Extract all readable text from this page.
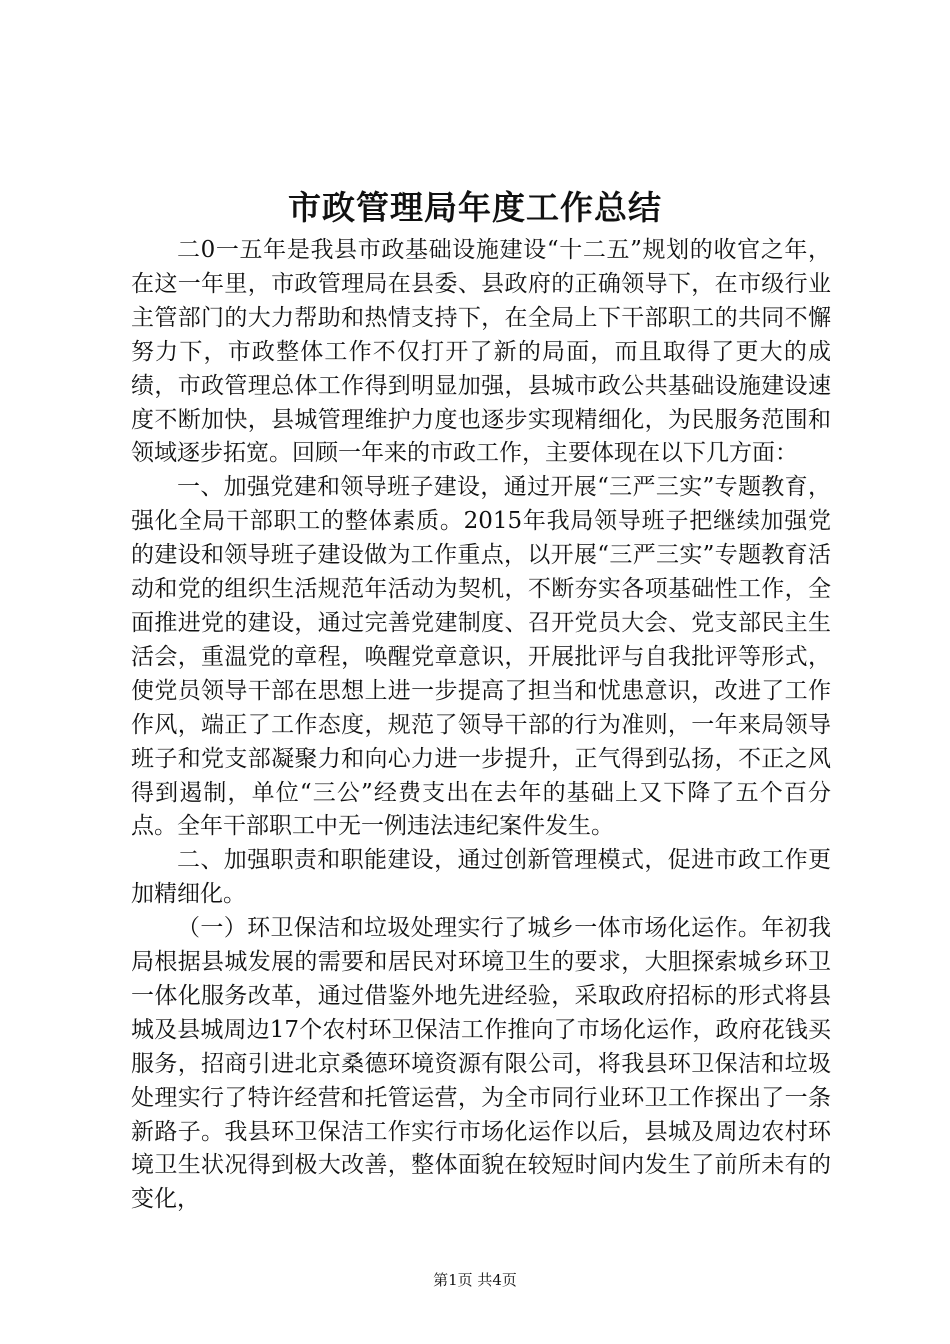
市政管理局年度工作总结

二0一五年是我县市政基础设施建设“十二五”规划的收官之年，在这一年里，市政管理局在县委、县政府的正确领导下，在市级行业主管部门的大力帮助和热情支持下，在全局上下干部职工的共同不懈努力下，市政整体工作不仅打开了新的局面，而且取得了更大的成绩，市政管理总体工作得到明显加强，县城市政公共基础设施建设速度不断加快，县城管理维护力度也逐步实现精细化，为民服务范围和领域逐步拓宽。回顾一年来的市政工作，主要体现在以下几方面：

一、加强党建和领导班子建设，通过开展“三严三实”专题教育，强化全局干部职工的整体素质。2015年我局领导班子把继续加强党的建设和领导班子建设做为工作重点，以开展“三严三实”专题教育活动和党的组织生活规范年活动为契机，不断夯实各项基础性工作，全面推进党的建设，通过完善党建制度、召开党员大会、党支部民主生活会，重温党的章程，唤醒党章意识，开展批评与自我批评等形式，使党员领导干部在思想上进一步提高了担当和忧患意识，改进了工作作风，端正了工作态度，规范了领导干部的行为准则，一年来局领导班子和党支部凝聚力和向心力进一步提升，正气得到弘扬，不正之风得到遏制，单位“三公”经费支出在去年的基础上又下降了五个百分点。全年干部职工中无一例违法违纪案件发生。

二、加强职责和职能建设，通过创新管理模式，促进市政工作更加精细化。

（一）环卫保洁和垃圾处理实行了城乡一体市场化运作。年初我局根据县城发展的需要和居民对环境卫生的要求，大胆探索城乡环卫一体化服务改革，通过借鉴外地先进经验，采取政府招标的形式将县城及县城周边17个农村环卫保洁工作推向了市场化运作，政府花钱买服务，招商引进北京桑德环境资源有限公司，将我县环卫保洁和垃圾处理实行了特许经营和托管运营，为全市同行业环卫工作探出了一条新路子。我县环卫保洁工作实行市场化运作以后，县城及周边农村环境卫生状况得到极大改善，整体面貌在较短时间内发生了前所未有的变化，

第1页 共4页
